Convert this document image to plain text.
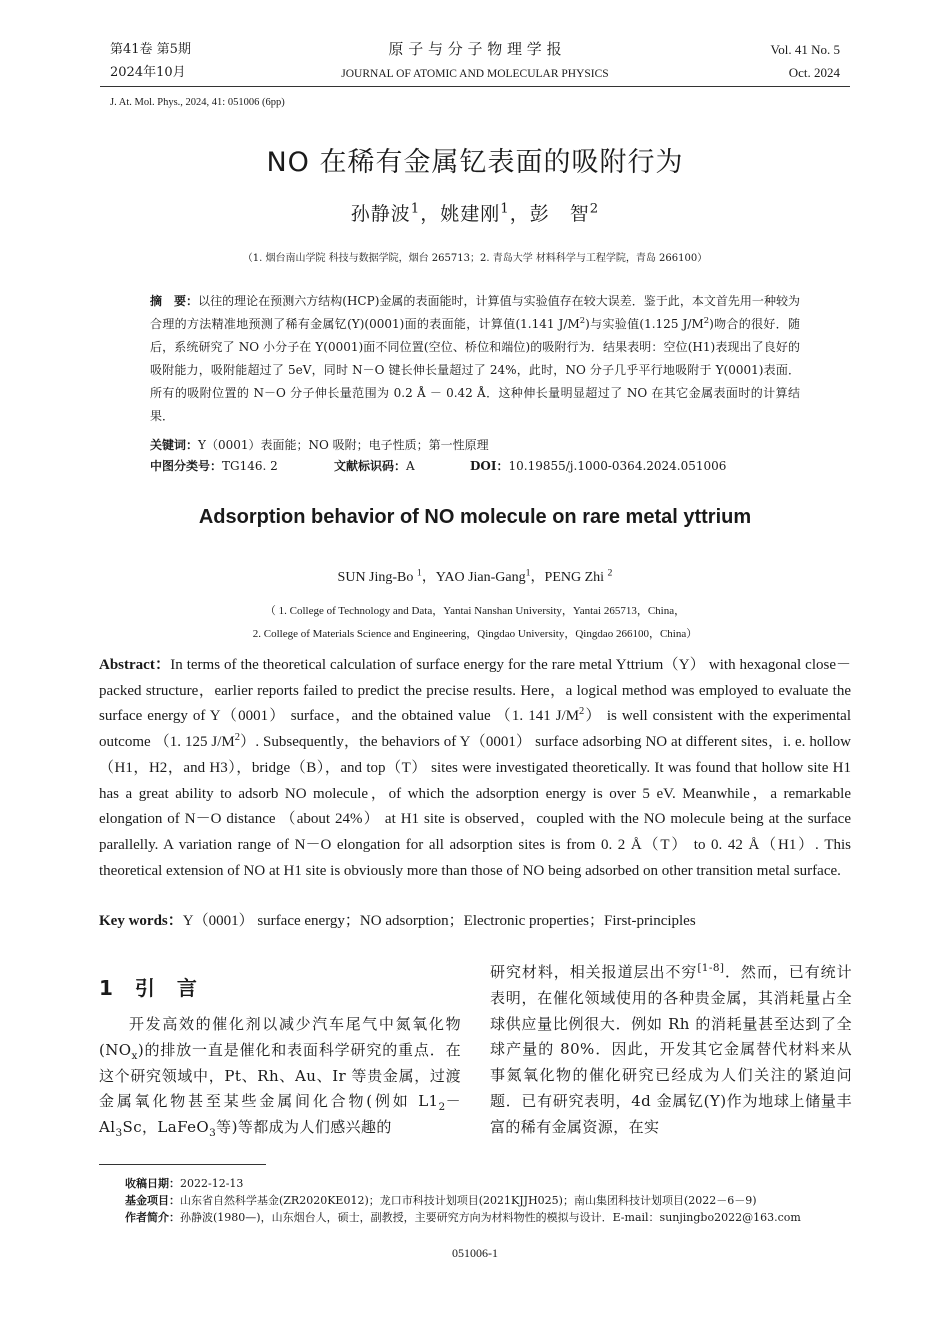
第41卷 第5期
2024年10月
原 子 与 分 子 物 理 学 报
JOURNAL OF ATOMIC AND MOLECULAR PHYSICS
Vol. 41 No. 5
Oct. 2024
J. At. Mol. Phys., 2024, 41: 051006 (6pp)
NO 在稀有金属钇表面的吸附行为
孙静波$^1$，姚建刚$^1$，彭　智$^2$
（1. 烟台南山学院 科技与数据学院，烟台 265713；2. 青岛大学 材料科学与工程学院，青岛 266100）
摘　要：以往的理论在预测六方结构(HCP)金属的表面能时，计算值与实验值存在较大误差．鉴于此，本文首先用一种较为合理的方法精准地预测了稀有金属钇(Y)(0001)面的表面能，计算值(1.141 $J/M^2$)与实验值(1.125 $J/M^2$)吻合的很好．随后，系统研究了 NO 小分子在 Y(0001)面不同位置(空位、桥位和端位)的吸附行为．结果表明：空位(H1)表现出了良好的吸附能力，吸附能超过了 5eV，同时 N－O 键长伸长量超过了 24%，此时，NO 分子几乎平行地吸附于 Y(0001)表面．所有的吸附位置的 N－O 分子伸长量范围为 0.2 Å － 0.42 Å．这种伸长量明显超过了 NO 在其它金属表面时的计算结果．
关键词：Y（0001）表面能；NO 吸附；电子性质；第一性原理
中图分类号：TG146. 2	文献标识码：A	DOI：10.19855/j.1000-0364.2024.051006
Adsorption behavior of NO molecule on rare metal yttrium
SUN Jing-Bo $^1$，YAO Jian-Gang$^1$，PENG Zhi $^2$
（ 1. College of Technology and Data，Yantai Nanshan University，Yantai 265713，China，
2. College of Materials Science and Engineering，Qingdao University，Qingdao 266100，China）
Abstract：In terms of the theoretical calculation of surface energy for the rare metal Yttrium（Y） with hexagonal close－packed structure，earlier reports failed to predict the precise results. Here，a logical method was employed to evaluate the surface energy of Y（0001） surface，and the obtained value （1. 141 $J/M^2$） is well consistent with the experimental outcome （1. 125 $J/M^2$）. Subsequently，the behaviors of Y（0001） surface adsorbing NO at different sites，i. e. hollow （H1，H2，and H3），bridge（B），and top（T） sites were investigated theoretically. It was found that hollow site H1 has a great ability to adsorb NO molecule，of which the adsorption energy is over 5 eV. Meanwhile，a remarkable elongation of N－O distance （about 24%） at H1 site is observed，coupled with the NO molecule being at the surface parallelly. A variation range of N－O elongation for all adsorption sites is from 0. 2 Å（T） to 0. 42 Å（H1）. This theoretical extension of NO at H1 site is obviously more than those of NO being adsorbed on other transition metal surface.
Key words：Y（0001） surface energy；NO adsorption；Electronic properties；First-principles
1　引　言
开发高效的催化剂以减少汽车尾气中氮氧化物$(NO_x)$的排放一直是催化和表面科学研究的重点．在这个研究领域中，Pt、Rh、Au、Ir 等贵金属，过渡金属氧化物甚至某些金属间化合物(例如 $L1_2-Al_3Sc$，LaFeO$_3$等)等都成为人们感兴趣的
研究材料，相关报道层出不穷[1-8]．然而，已有统计表明，在催化领域使用的各种贵金属，其消耗量占全球供应量比例很大．例如 Rh 的消耗量甚至达到了全球产量的 80%．因此，开发其它金属替代材料来从事氮氧化物的催化研究已经成为人们关注的紧迫问题．已有研究表明，4d 金属钇(Y)作为地球上储量丰富的稀有金属资源，在实
收稿日期：2022-12-13
基金项目：山东省自然科学基金(ZR2020KE012)；龙口市科技计划项目(2021KJJH025)；南山集团科技计划项目(2022－6－9)
作者简介：孙静波(1980—)，山东烟台人，硕士，副教授，主要研究方向为材料物性的模拟与设计．E-mail：sunjingbo2022@163.com
051006-1
